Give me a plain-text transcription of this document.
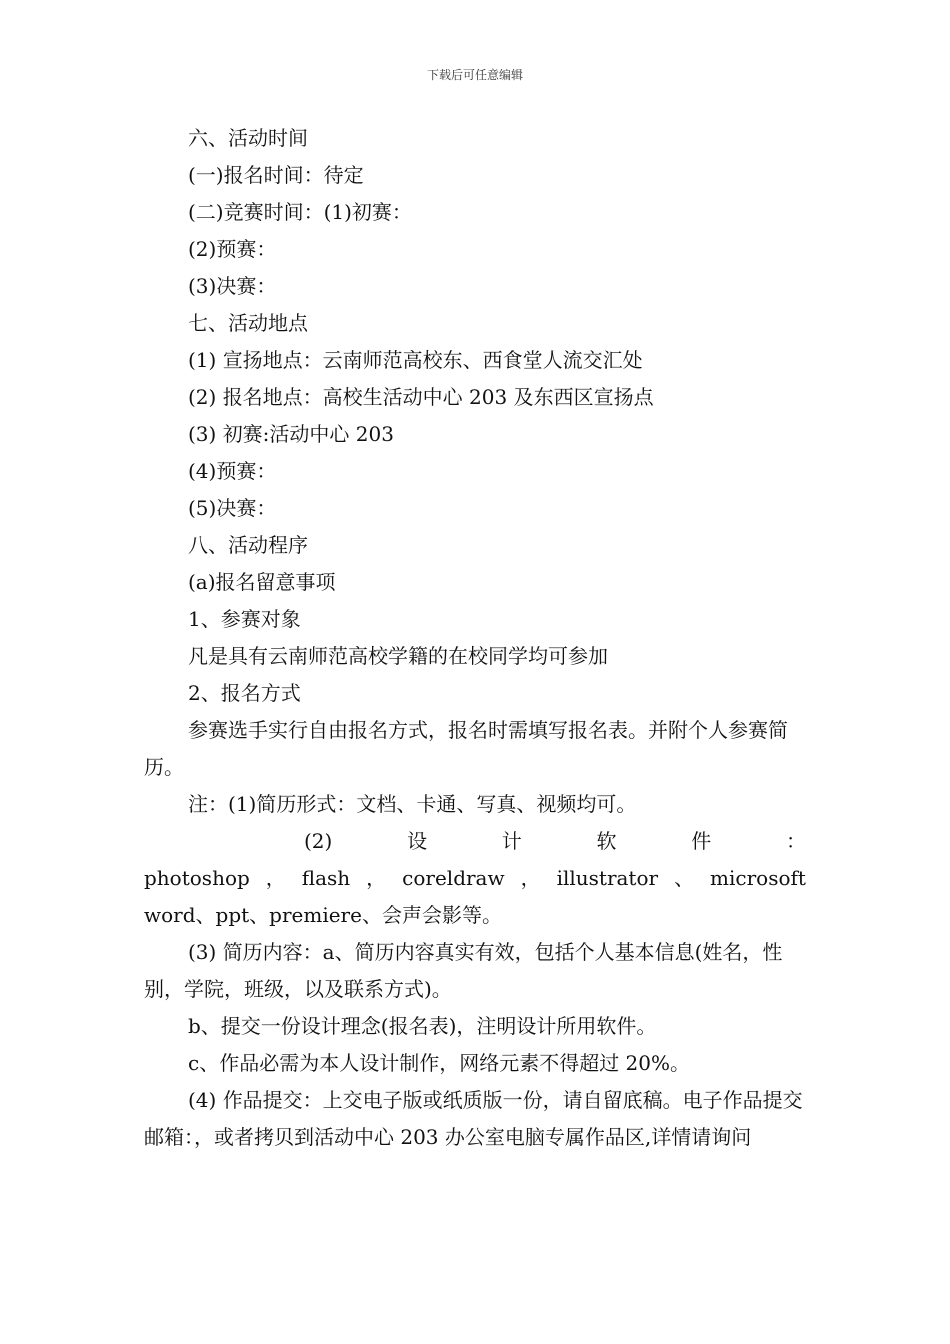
下载后可任意编辑
六、活动时间
(一)报名时间：待定
(二)竞赛时间：(1)初赛：
(2)预赛：
(3)决赛：
七、活动地点
(1) 宣扬地点：云南师范高校东、西食堂人流交汇处
(2) 报名地点：高校生活动中心 203 及东西区宣扬点
(3) 初赛:活动中心 203
(4)预赛：
(5)决赛：
八、活动程序
(a)报名留意事项
1、参赛对象
凡是具有云南师范高校学籍的在校同学均可参加
2、报名方式
参赛选手实行自由报名方式，报名时需填写报名表。并附个人参赛简历。
注：(1)简历形式：文档、卡通、写真、视频均可。
(2)	设	计	软	件	：
photoshop ， flash ， coreldraw ， illustrator 、 microsoft
word、ppt、premiere、会声会影等。
(3) 简历内容：a、简历内容真实有效，包括个人基本信息(姓名，性别，学院，班级，以及联系方式)。
b、提交一份设计理念(报名表)，注明设计所用软件。
c、作品必需为本人设计制作，网络元素不得超过 20%。
(4) 作品提交：上交电子版或纸质版一份，请自留底稿。电子作品提交邮箱：，或者拷贝到活动中心 203 办公室电脑专属作品区,详情请询问
